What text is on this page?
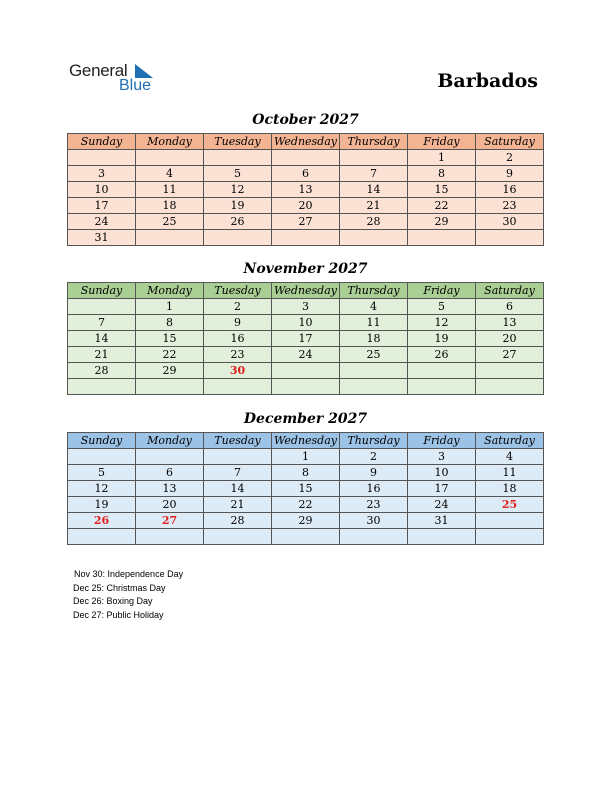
General
Blue	Barbados
October 2027
Sunday	Monday	Tuesday	Wednesday	Thursday	Friday	Saturday
					1	2
3	4	5	6	7	8	9
10	11	12	13	14	15	16
17	18	19	20	21	22	23
24	25	26	27	28	29	30
31						
November 2027
Sunday	Monday	Tuesday	Wednesday	Thursday	Friday	Saturday
	1	2	3	4	5	6
7	8	9	10	11	12	13
14	15	16	17	18	19	20
21	22	23	24	25	26	27
28	29	30				

December 2027
Sunday	Monday	Tuesday	Wednesday	Thursday	Friday	Saturday
			1	2	3	4
5	6	7	8	9	10	11
12	13	14	15	16	17	18
19	20	21	22	23	24	25
26	27	28	29	30	31	

Nov 30: Independence Day
Dec 25: Christmas Day
Dec 26: Boxing Day
Dec 27: Public Holiday
